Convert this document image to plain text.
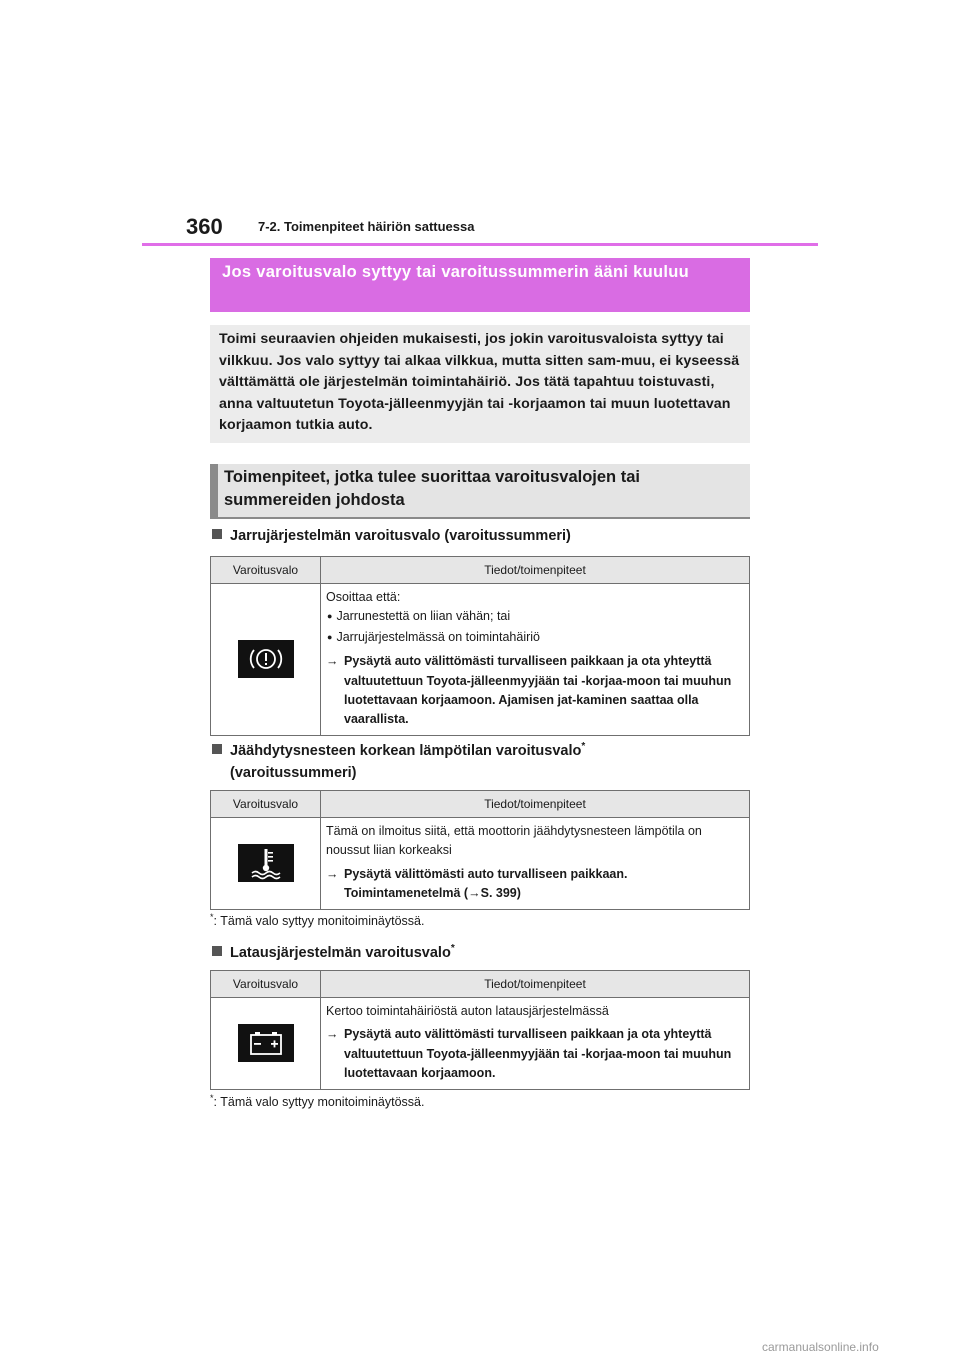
360	7-2. Toimenpiteet häiriön sattuessa
Jos varoitusvalo syttyy tai varoitussummerin ääni kuuluu
Toimi seuraavien ohjeiden mukaisesti, jos jokin varoitusvaloista syttyy tai vilkkuu. Jos valo syttyy tai alkaa vilkkua, mutta sitten sam-muu, ei kyseessä välttämättä ole järjestelmän toimintahäiriö. Jos tätä tapahtuu toistuvasti, anna valtuutetun Toyota-jälleenmyyjän tai -korjaamon tai muun luotettavan korjaamon tutkia auto.
Toimenpiteet, jotka tulee suorittaa varoitusvalojen tai summereiden johdosta
Jarrujärjestelmän varoitusvalo (varoitussummeri)
Varoitusvalo	Tiedot/toimenpiteet

Osoittaa että:

● Jarrunestettä on liian vähän; tai

● Jarrujärjestelmässä on toimintahäiriö

→ Pysäytä auto välittömästi turvalliseen paikkaan ja ota yhteyttä valtuutettuun Toyota-jälleenmyyjään tai -korjaa-moon tai muuhun luotettavaan korjaamoon. Ajamisen jat-kaminen saattaa olla vaarallista.

Jäähdytysnesteen korkean lämpötilan varoitusvalo*
(varoitussummeri)
Varoitusvalo	Tiedot/toimenpiteet

Tämä on ilmoitus siitä, että moottorin jäähdytysnesteen lämpötila on noussut liian korkeaksi

→ Pysäytä välittömästi auto turvalliseen paikkaan.
Toimintamenetelmä (→S. 399)

*: Tämä valo syttyy monitoiminäytössä.
Latausjärjestelmän varoitusvalo*
Varoitusvalo	Tiedot/toimenpiteet

Kertoo toimintahäiriöstä auton latausjärjestelmässä

→ Pysäytä auto välittömästi turvalliseen paikkaan ja ota yhteyttä valtuutettuun Toyota-jälleenmyyjään tai -korjaa-moon tai muuhun luotettavaan korjaamoon.

*: Tämä valo syttyy monitoiminäytössä.
carmanualsonline.info
